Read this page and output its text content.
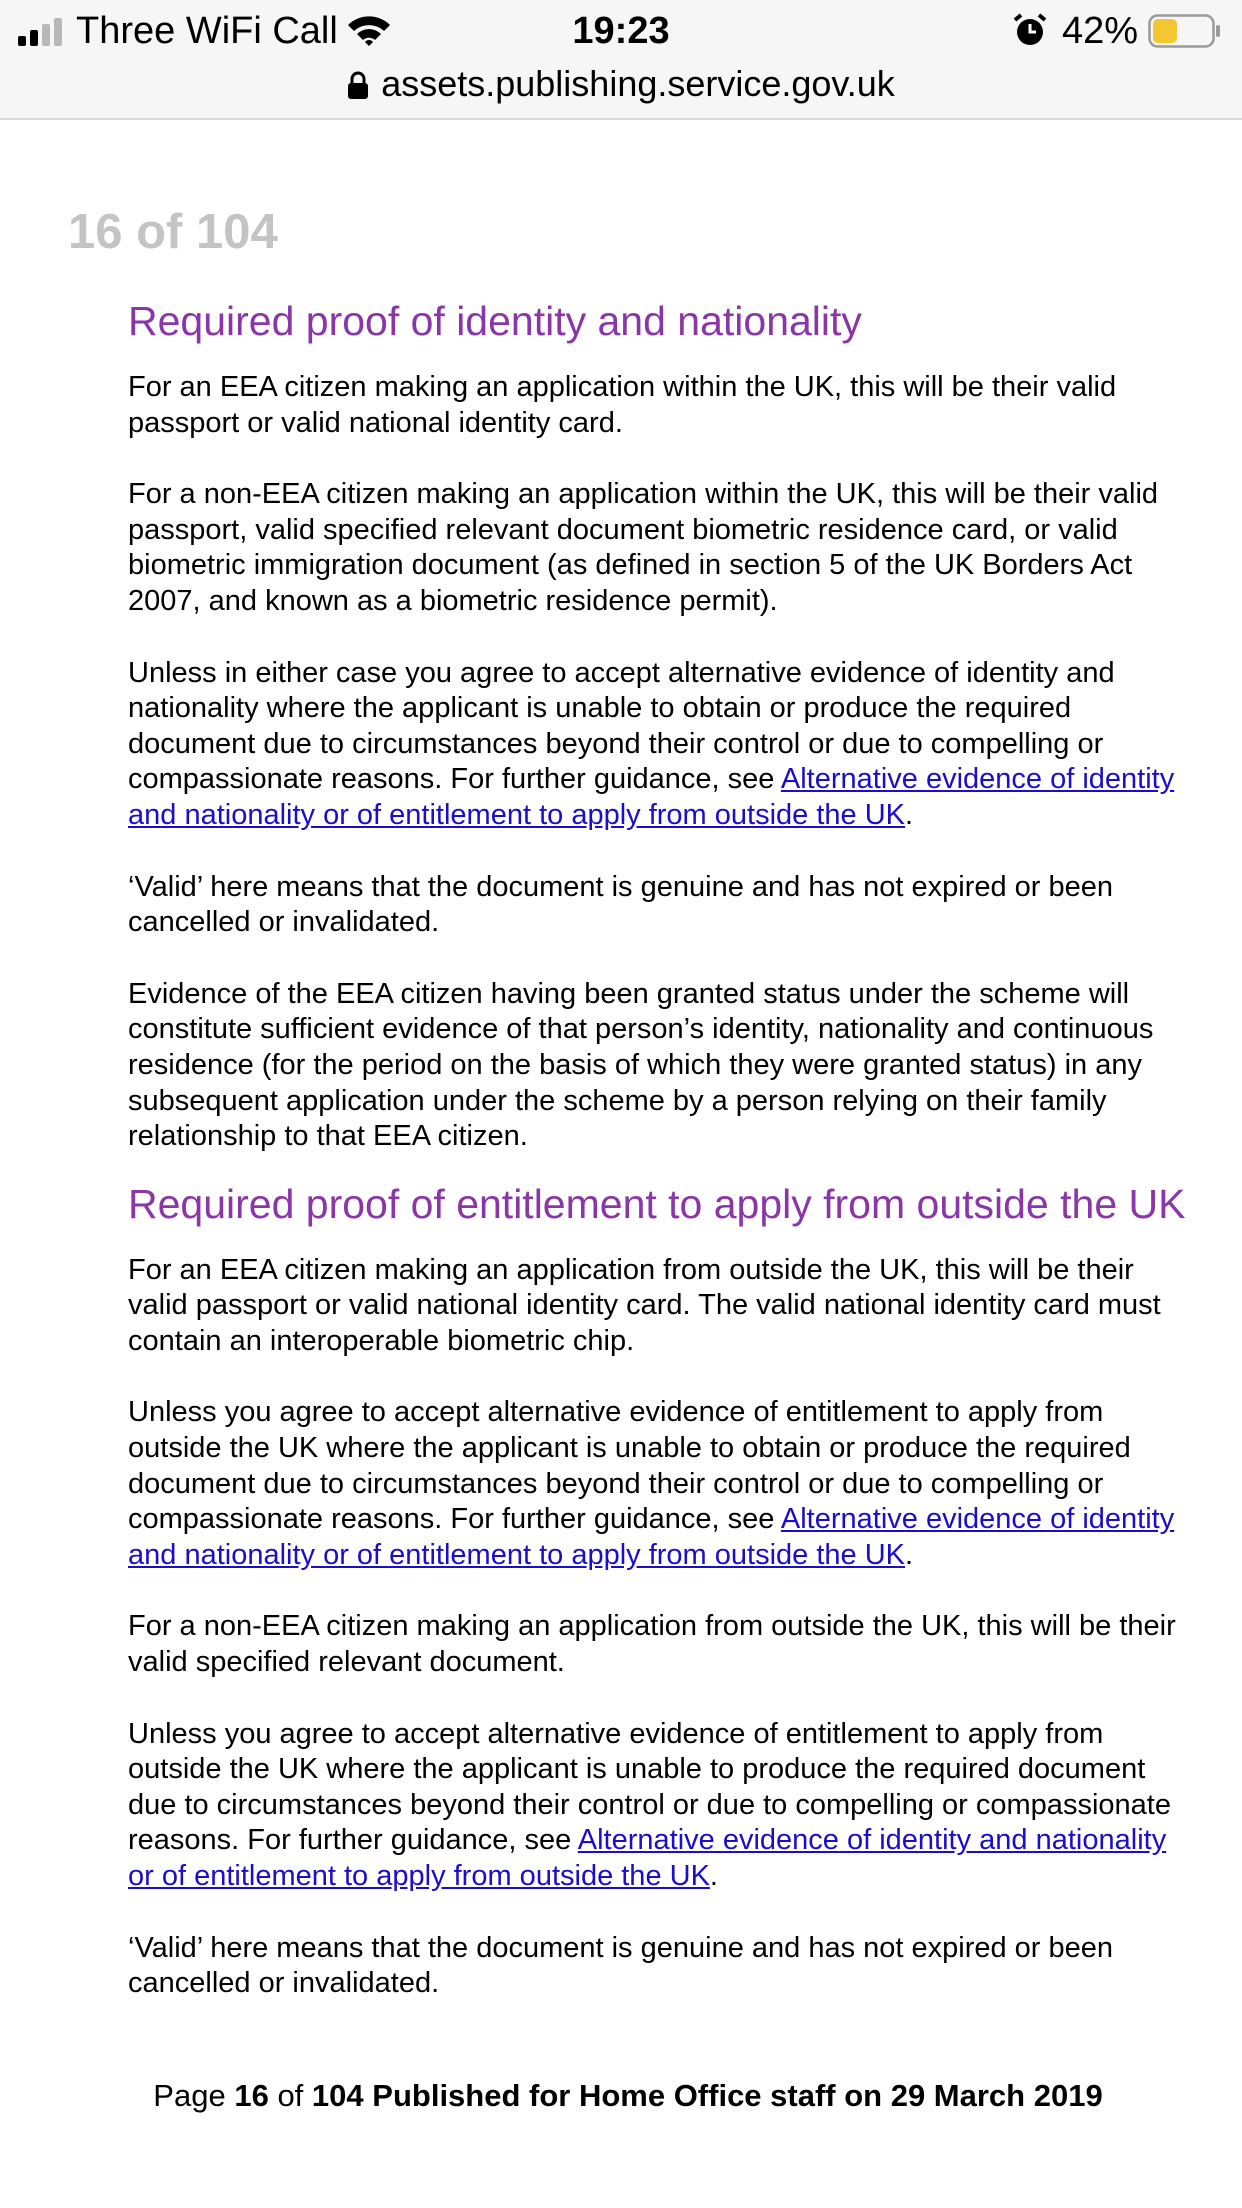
Three WiFi Call	19:23	42%
assets.publishing.service.gov.uk
16 of 104
Required proof of identity and nationality

For an EEA citizen making an application within the UK, this will be their valid passport or valid national identity card.

For a non-EEA citizen making an application within the UK, this will be their valid passport, valid specified relevant document biometric residence card, or valid biometric immigration document (as defined in section 5 of the UK Borders Act 2007, and known as a biometric residence permit).

Unless in either case you agree to accept alternative evidence of identity and nationality where the applicant is unable to obtain or produce the required document due to circumstances beyond their control or due to compelling or compassionate reasons. For further guidance, see Alternative evidence of identity and nationality or of entitlement to apply from outside the UK.

‘Valid’ here means that the document is genuine and has not expired or been cancelled or invalidated.

Evidence of the EEA citizen having been granted status under the scheme will constitute sufficient evidence of that person’s identity, nationality and continuous residence (for the period on the basis of which they were granted status) in any subsequent application under the scheme by a person relying on their family relationship to that EEA citizen.

Required proof of entitlement to apply from outside the UK

For an EEA citizen making an application from outside the UK, this will be their valid passport or valid national identity card. The valid national identity card must contain an interoperable biometric chip.

Unless you agree to accept alternative evidence of entitlement to apply from outside the UK where the applicant is unable to obtain or produce the required document due to circumstances beyond their control or due to compelling or compassionate reasons. For further guidance, see Alternative evidence of identity and nationality or of entitlement to apply from outside the UK.

For a non-EEA citizen making an application from outside the UK, this will be their valid specified relevant document.

Unless you agree to accept alternative evidence of entitlement to apply from outside the UK where the applicant is unable to produce the required document due to circumstances beyond their control or due to compelling or compassionate reasons. For further guidance, see Alternative evidence of identity and nationality or of entitlement to apply from outside the UK.

‘Valid’ here means that the document is genuine and has not expired or been cancelled or invalidated.

Page 16 of 104 Published for Home Office staff on 29 March 2019
